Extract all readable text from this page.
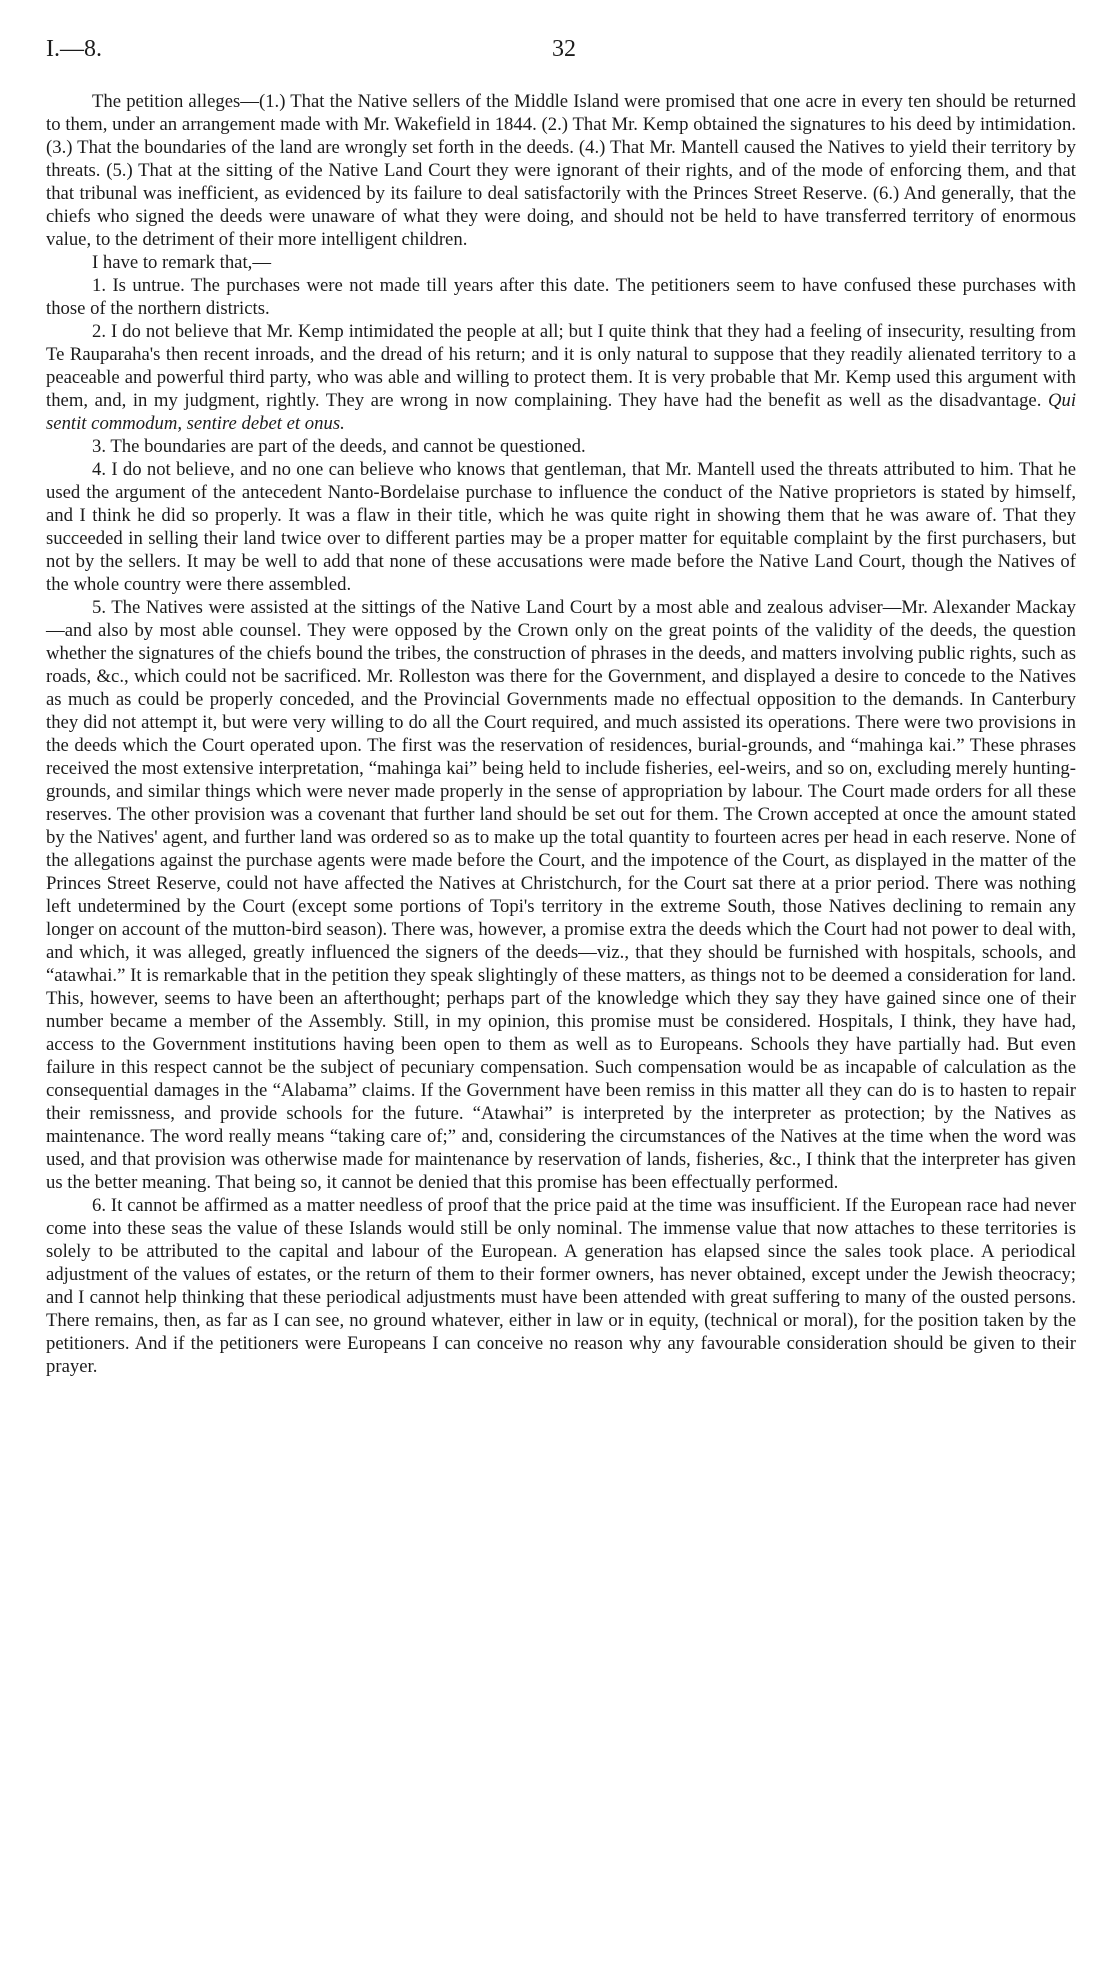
I.—8.	32

The petition alleges—(1.) That the Native sellers of the Middle Island were promised that one acre in every ten should be returned to them, under an arrangement made with Mr. Wakefield in 1844. (2.) That Mr. Kemp obtained the signatures to his deed by intimidation. (3.) That the boundaries of the land are wrongly set forth in the deeds. (4.) That Mr. Mantell caused the Natives to yield their territory by threats. (5.) That at the sitting of the Native Land Court they were ignorant of their rights, and of the mode of enforcing them, and that that tribunal was inefficient, as evidenced by its failure to deal satisfactorily with the Princes Street Reserve. (6.) And generally, that the chiefs who signed the deeds were unaware of what they were doing, and should not be held to have transferred territory of enormous value, to the detriment of their more intelligent children.

I have to remark that,—

1. Is untrue. The purchases were not made till years after this date. The petitioners seem to have confused these purchases with those of the northern districts.

2. I do not believe that Mr. Kemp intimidated the people at all; but I quite think that they had a feeling of insecurity, resulting from Te Rauparaha's then recent inroads, and the dread of his return; and it is only natural to suppose that they readily alienated territory to a peaceable and powerful third party, who was able and willing to protect them. It is very probable that Mr. Kemp used this argument with them, and, in my judgment, rightly. They are wrong in now complaining. They have had the benefit as well as the disadvantage. Qui sentit commodum, sentire debet et onus.

3. The boundaries are part of the deeds, and cannot be questioned.

4. I do not believe, and no one can believe who knows that gentleman, that Mr. Mantell used the threats attributed to him. That he used the argument of the antecedent Nanto-Bordelaise purchase to influence the conduct of the Native proprietors is stated by himself, and I think he did so properly. It was a flaw in their title, which he was quite right in showing them that he was aware of. That they succeeded in selling their land twice over to different parties may be a proper matter for equitable complaint by the first purchasers, but not by the sellers. It may be well to add that none of these accusations were made before the Native Land Court, though the Natives of the whole country were there assembled.

5. The Natives were assisted at the sittings of the Native Land Court by a most able and zealous adviser—Mr. Alexander Mackay—and also by most able counsel. They were opposed by the Crown only on the great points of the validity of the deeds, the question whether the signatures of the chiefs bound the tribes, the construction of phrases in the deeds, and matters involving public rights, such as roads, &c., which could not be sacrificed. Mr. Rolleston was there for the Government, and displayed a desire to concede to the Natives as much as could be properly conceded, and the Provincial Governments made no effectual opposition to the demands. In Canterbury they did not attempt it, but were very willing to do all the Court required, and much assisted its operations. There were two provisions in the deeds which the Court operated upon. The first was the reservation of residences, burial-grounds, and “mahinga kai.” These phrases received the most extensive interpretation, “mahinga kai” being held to include fisheries, eel-weirs, and so on, excluding merely hunting-grounds, and similar things which were never made properly in the sense of appropriation by labour. The Court made orders for all these reserves. The other provision was a covenant that further land should be set out for them. The Crown accepted at once the amount stated by the Natives' agent, and further land was ordered so as to make up the total quantity to fourteen acres per head in each reserve. None of the allegations against the purchase agents were made before the Court, and the impotence of the Court, as displayed in the matter of the Princes Street Reserve, could not have affected the Natives at Christchurch, for the Court sat there at a prior period. There was nothing left undetermined by the Court (except some portions of Topi's territory in the extreme South, those Natives declining to remain any longer on account of the mutton-bird season). There was, however, a promise extra the deeds which the Court had not power to deal with, and which, it was alleged, greatly influenced the signers of the deeds—viz., that they should be furnished with hospitals, schools, and “atawhai.” It is remarkable that in the petition they speak slightingly of these matters, as things not to be deemed a consideration for land. This, however, seems to have been an afterthought; perhaps part of the knowledge which they say they have gained since one of their number became a member of the Assembly. Still, in my opinion, this promise must be considered. Hospitals, I think, they have had, access to the Government institutions having been open to them as well as to Europeans. Schools they have partially had. But even failure in this respect cannot be the subject of pecuniary compensation. Such compensation would be as incapable of calculation as the consequential damages in the “Alabama” claims. If the Government have been remiss in this matter all they can do is to hasten to repair their remissness, and provide schools for the future. “Atawhai” is interpreted by the interpreter as protection; by the Natives as maintenance. The word really means “taking care of;” and, considering the circumstances of the Natives at the time when the word was used, and that provision was otherwise made for maintenance by reservation of lands, fisheries, &c., I think that the interpreter has given us the better meaning. That being so, it cannot be denied that this promise has been effectually performed.

6. It cannot be affirmed as a matter needless of proof that the price paid at the time was insufficient. If the European race had never come into these seas the value of these Islands would still be only nominal. The immense value that now attaches to these territories is solely to be attributed to the capital and labour of the European. A generation has elapsed since the sales took place. A periodical adjustment of the values of estates, or the return of them to their former owners, has never obtained, except under the Jewish theocracy; and I cannot help thinking that these periodical adjustments must have been attended with great suffering to many of the ousted persons. There remains, then, as far as I can see, no ground whatever, either in law or in equity, (technical or moral), for the position taken by the petitioners. And if the petitioners were Europeans I can conceive no reason why any favourable consideration should be given to their prayer.
